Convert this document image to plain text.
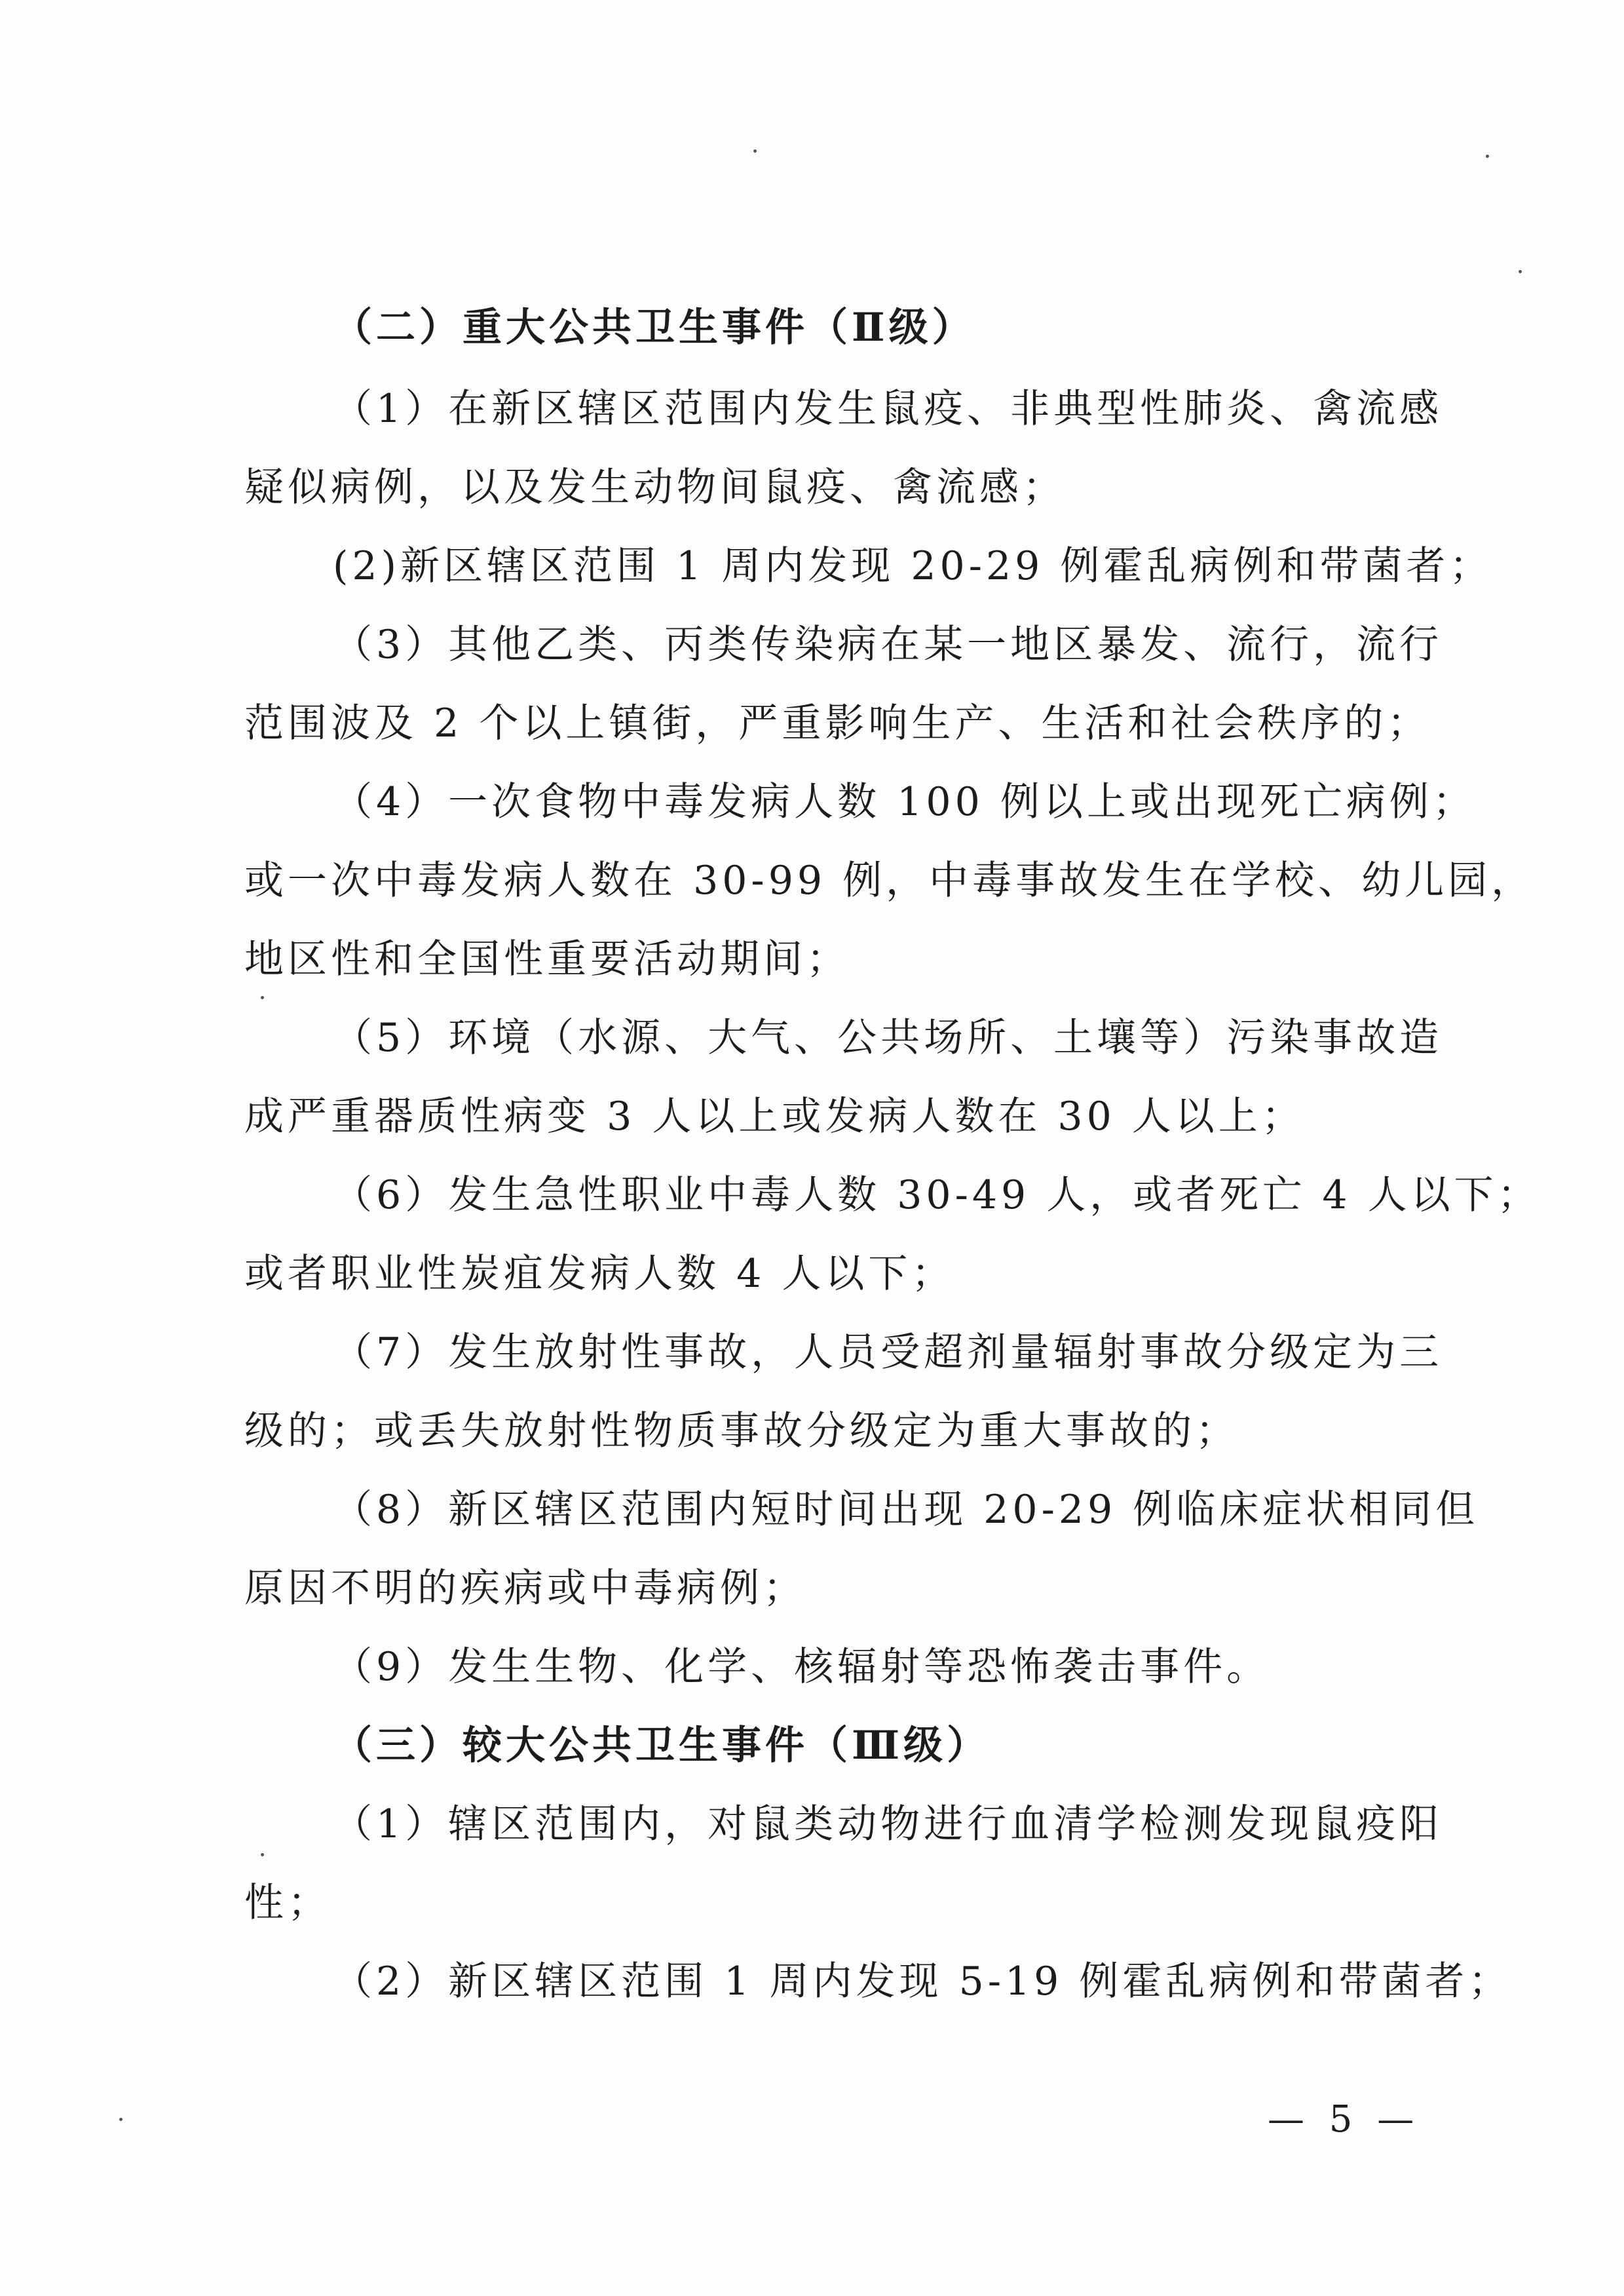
（二）重大公共卫生事件（Ⅱ级）
（1）在新区辖区范围内发生鼠疫、非典型性肺炎、禽流感
疑似病例，以及发生动物间鼠疫、禽流感；
(2)新区辖区范围 1 周内发现 20-29 例霍乱病例和带菌者；
（3）其他乙类、丙类传染病在某一地区暴发、流行，流行
范围波及 2 个以上镇街，严重影响生产、生活和社会秩序的；
（4）一次食物中毒发病人数 100 例以上或出现死亡病例；
或一次中毒发病人数在 30-99 例，中毒事故发生在学校、幼儿园，
地区性和全国性重要活动期间；
（5）环境（水源、大气、公共场所、土壤等）污染事故造
成严重器质性病变 3 人以上或发病人数在 30 人以上；
（6）发生急性职业中毒人数 30-49 人，或者死亡 4 人以下；
或者职业性炭疽发病人数 4 人以下；
（7）发生放射性事故，人员受超剂量辐射事故分级定为三
级的；或丢失放射性物质事故分级定为重大事故的；
（8）新区辖区范围内短时间出现 20-29 例临床症状相同但
原因不明的疾病或中毒病例；
（9）发生生物、化学、核辐射等恐怖袭击事件。
（三）较大公共卫生事件（Ⅲ级）
（1）辖区范围内，对鼠类动物进行血清学检测发现鼠疫阳
性；
（2）新区辖区范围 1 周内发现 5-19 例霍乱病例和带菌者；
— 5 —
